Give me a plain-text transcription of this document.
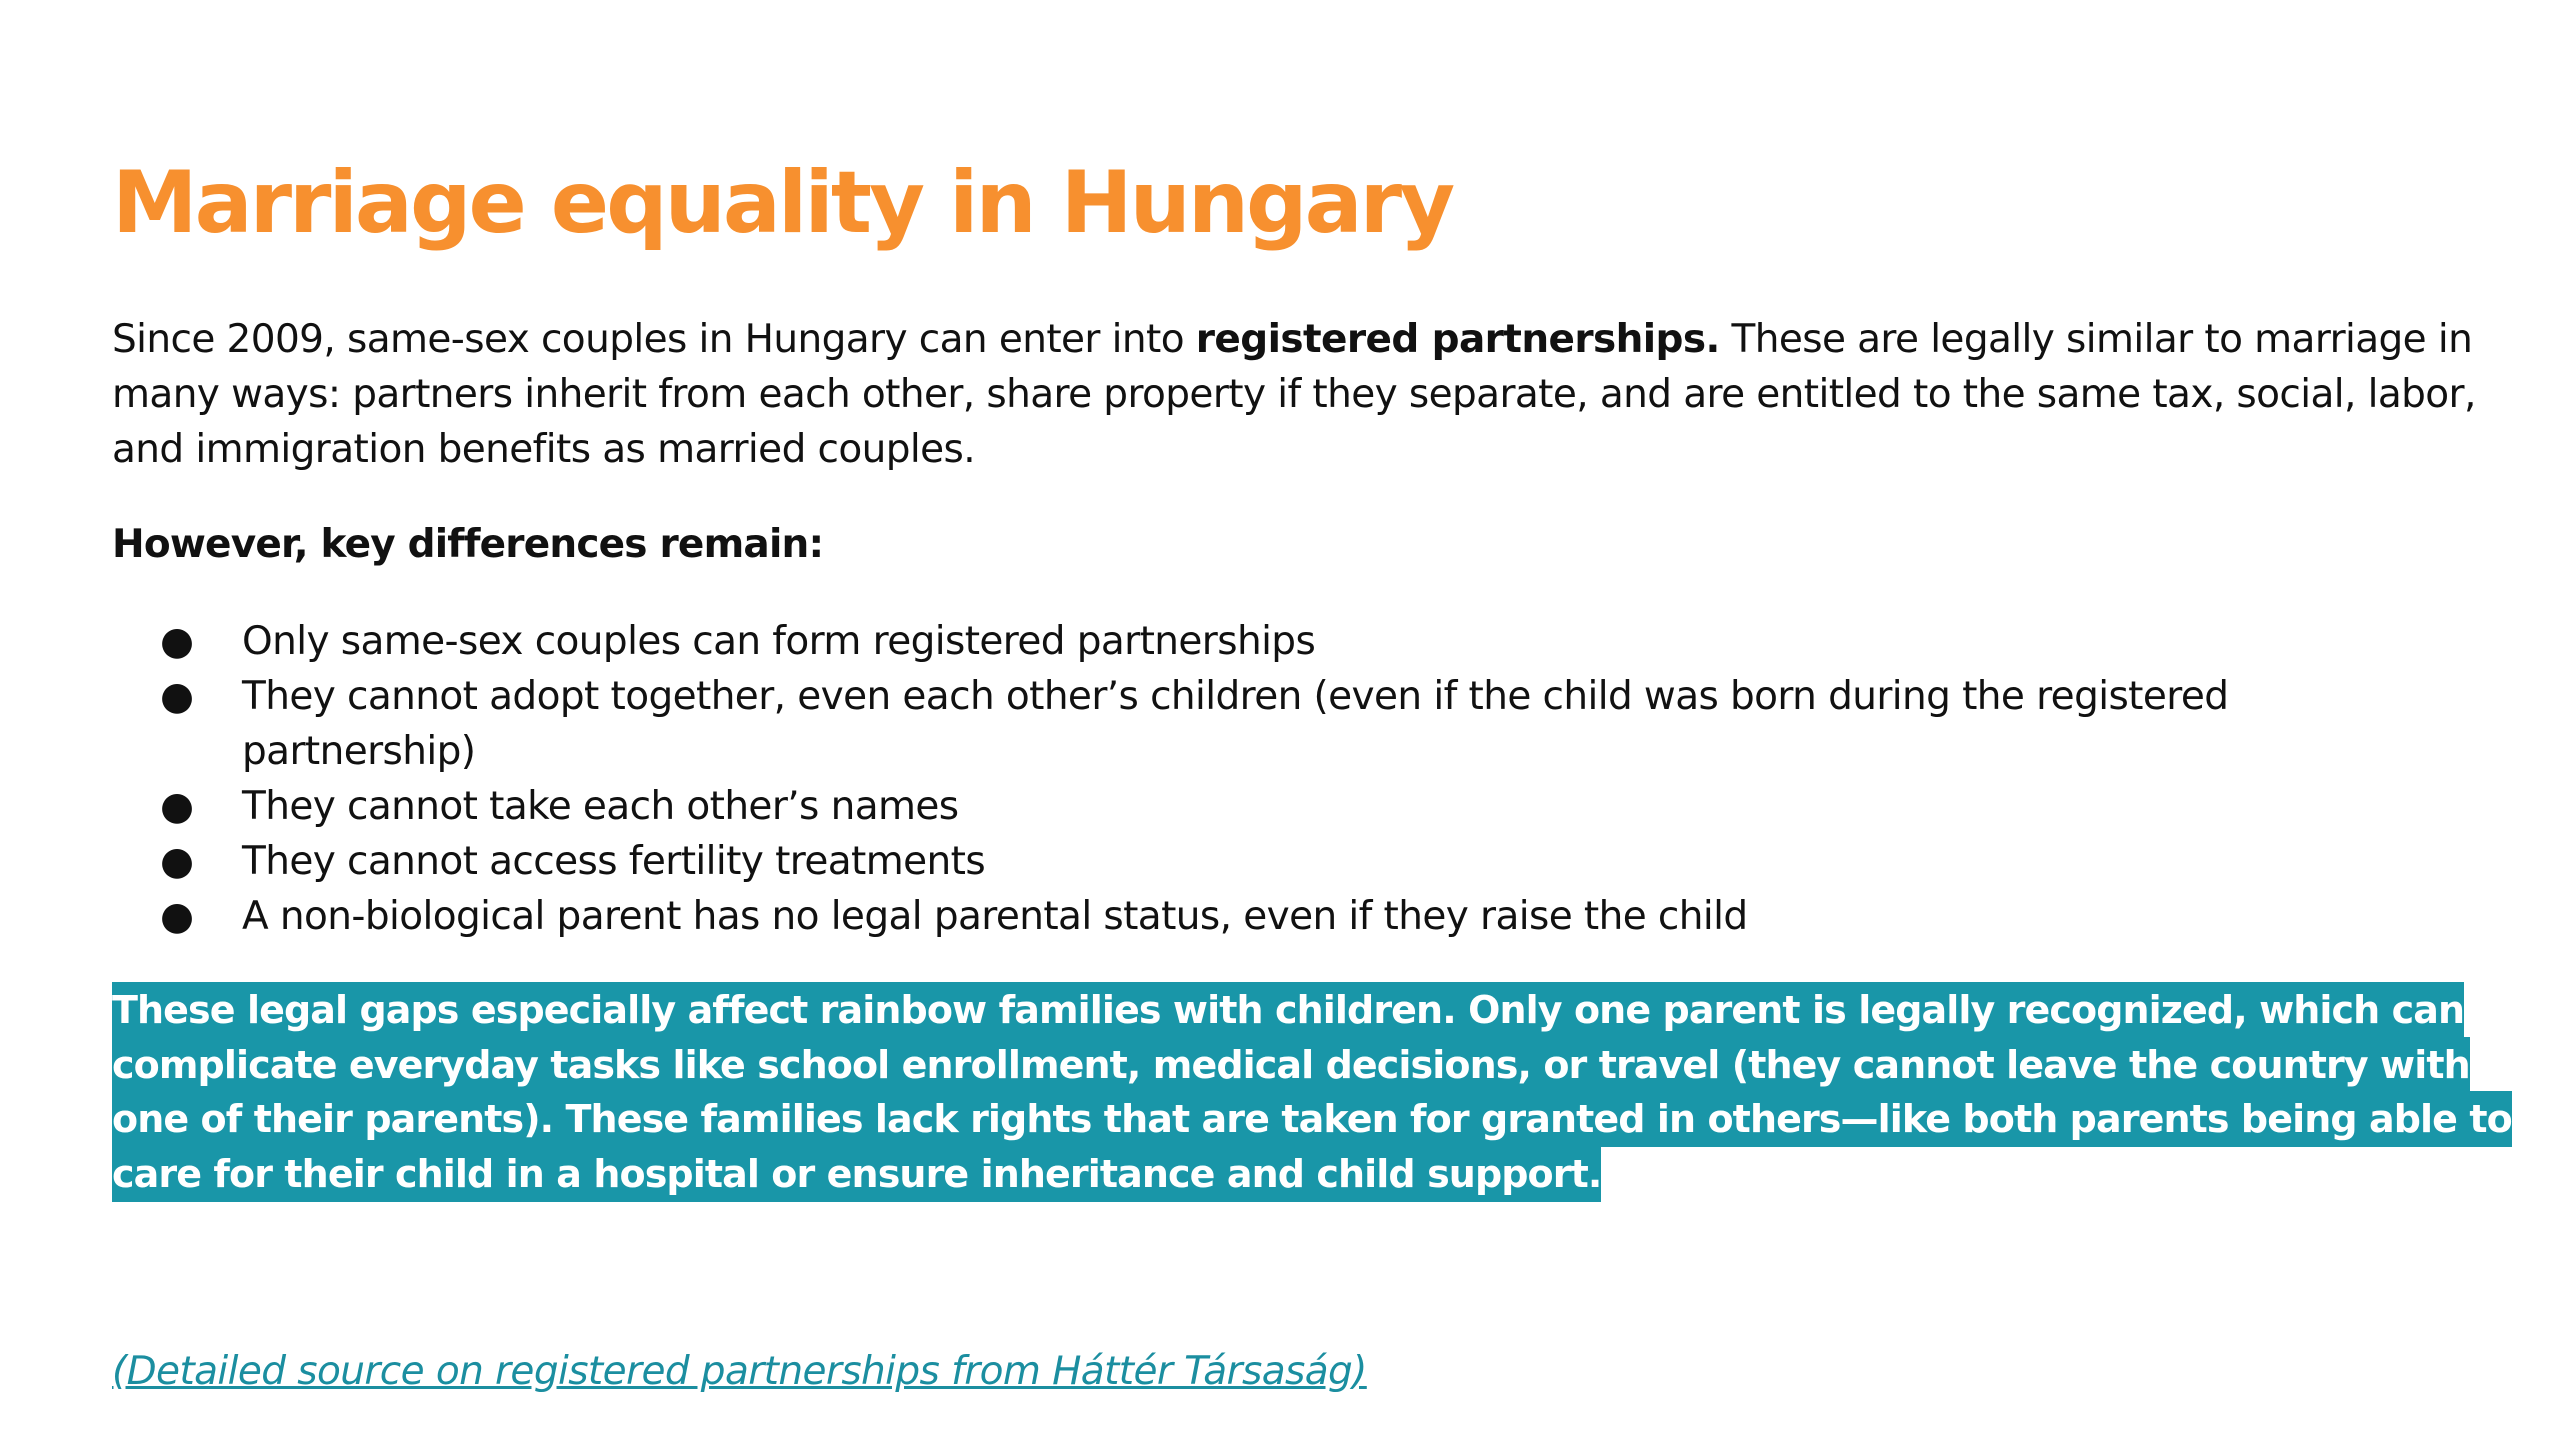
Marriage equality in Hungary

Since 2009, same-sex couples in Hungary can enter into registered partnerships. These are legally similar to marriage in many ways: partners inherit from each other, share property if they separate, and are entitled to the same tax, social, labor, and immigration benefits as married couples.

However, key differences remain:

● Only same-sex couples can form registered partnerships
● They cannot adopt together, even each other’s children (even if the child was born during the registered partnership)
● They cannot take each other’s names
● They cannot access fertility treatments
● A non-biological parent has no legal parental status, even if they raise the child

These legal gaps especially affect rainbow families with children. Only one parent is legally recognized, which can complicate everyday tasks like school enrollment, medical decisions, or travel (they cannot leave the country with one of their parents). These families lack rights that are taken for granted in others—like both parents being able to care for their child in a hospital or ensure inheritance and child support.

(Detailed source on registered partnerships from Háttér Társaság)
